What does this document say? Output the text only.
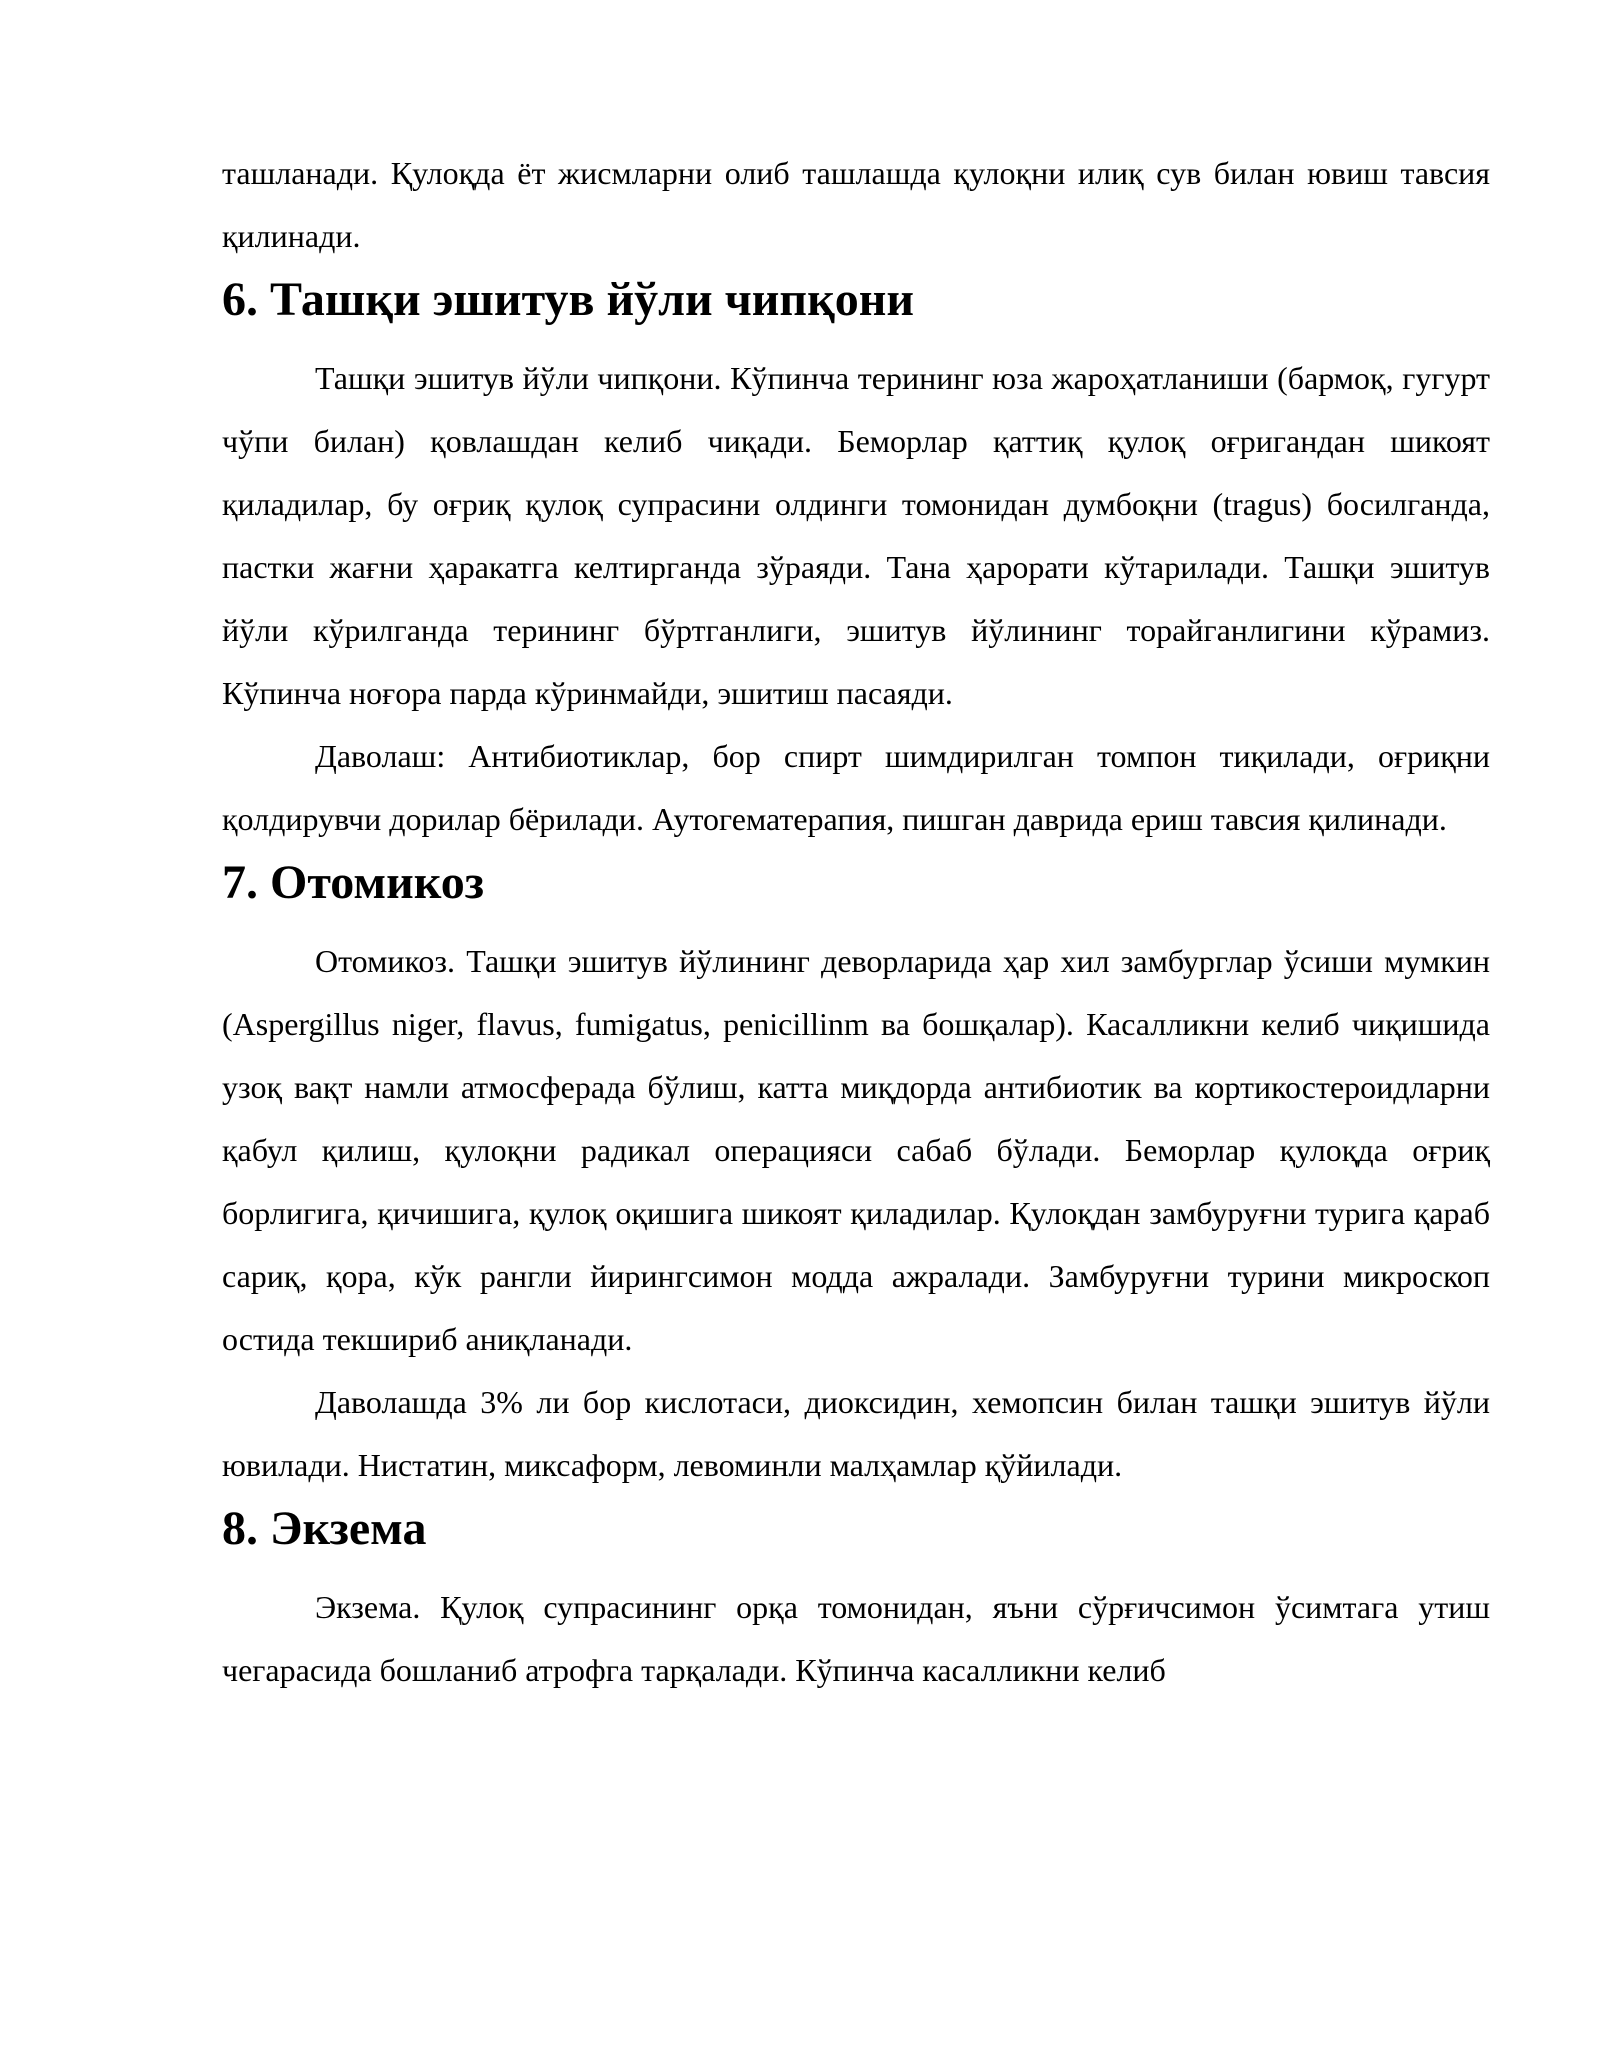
ташланади. Қулоқда ёт жисмларни олиб ташлашда қулоқни илиқ сув билан ювиш тавсия қилинади.

6. Ташқи эшитув йўли чипқони

Ташқи эшитув йўли чипқони. Кўпинча терининг юза жароҳатланиши (бармоқ, гугурт чўпи билан) қовлашдан келиб чиқади. Беморлар қаттиқ қулоқ оғригандан шикоят қиладилар, бу оғриқ қулоқ супрасини олдинги томонидан думбоқни (tragus) босилганда, пастки жағни ҳаракатга келтирганда зўраяди. Тана ҳарорати кўтарилади. Ташқи эшитув йўли кўрилганда терининг бўртганлиги, эшитув йўлининг торайганлигини кўрамиз. Кўпинча ноғора парда кўринмайди, эшитиш пасаяди.

Даволаш: Антибиотиклар, бор спирт шимдирилган томпон тиқилади, оғриқни қолдирувчи дорилар бёрилади. Аутогематерапия, пишган даврида ериш тавсия қилинади.

7. Отомикоз

Отомикоз. Ташқи эшитув йўлининг деворларида ҳар хил замбурглар ўсиши мумкин (Aspergillus niger, flavus, fumigatus, penicillinm ва бошқалар). Касалликни келиб чиқишида узоқ вақт намли атмосферада бўлиш, катта миқдорда антибиотик ва кортикостероидларни қабул қилиш, қулоқни радикал операцияси сабаб бўлади. Беморлар қулоқда оғриқ борлигига, қичишига, қулоқ оқишига шикоят қиладилар. Қулоқдан замбуруғни турига қараб сариқ, қора, кўк рангли йирингсимон модда ажралади. Замбуруғни турини микроскоп остида текшириб аниқланади.

Даволашда 3% ли бор кислотаси, диоксидин, хемопсин билан ташқи эшитув йўли ювилади. Нистатин, миксаформ, левоминли малҳамлар қўйилади.

8. Экзема

Экзема. Қулоқ супрасининг орқа томонидан, яъни сўрғичсимон ўсимтага утиш чегарасида бошланиб атрофга тарқалади. Кўпинча касалликни келиб
